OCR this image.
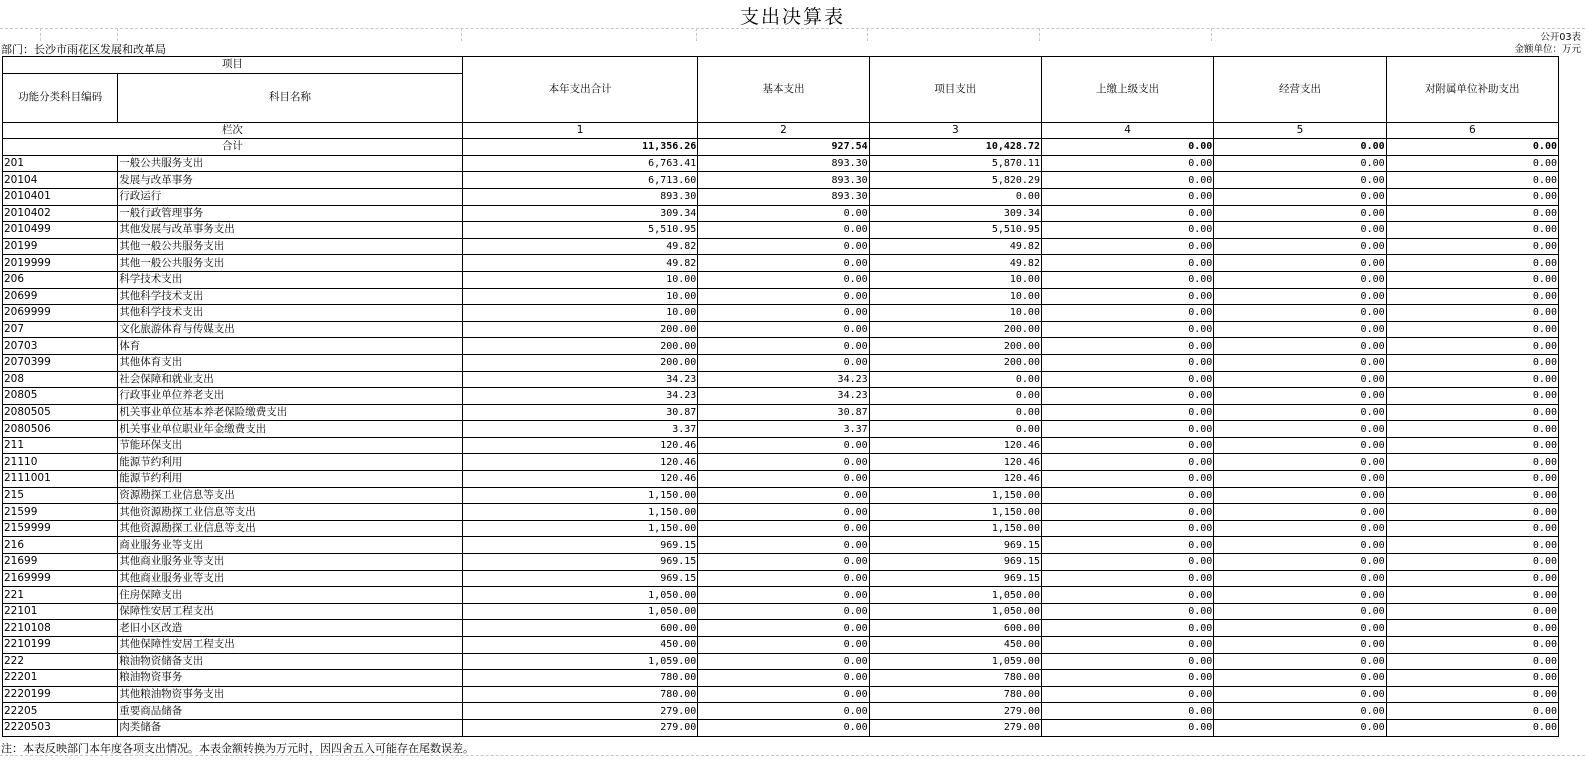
支出决算表
公开03表
部门：长沙市雨花区发展和改革局	金额单位：万元
项目		本年支出合计	基本支出	项目支出	上缴上级支出	经营支出	对附属单位补助支出
功能分类科目编码	科目名称						

栏次		1	2	3	4	5	6
合计		11,356.26	927.54	10,428.72	0.00	0.00	0.00
201	一般公共服务支出	6,763.41	893.30	5,870.11	0.00	0.00	0.00
20104	发展与改革事务	6,713.60	893.30	5,820.29	0.00	0.00	0.00
2010401	行政运行	893.30	893.30	0.00	0.00	0.00	0.00
2010402	一般行政管理事务	309.34	0.00	309.34	0.00	0.00	0.00
2010499	其他发展与改革事务支出	5,510.95	0.00	5,510.95	0.00	0.00	0.00
20199	其他一般公共服务支出	49.82	0.00	49.82	0.00	0.00	0.00
2019999	其他一般公共服务支出	49.82	0.00	49.82	0.00	0.00	0.00
206	科学技术支出	10.00	0.00	10.00	0.00	0.00	0.00
20699	其他科学技术支出	10.00	0.00	10.00	0.00	0.00	0.00
2069999	其他科学技术支出	10.00	0.00	10.00	0.00	0.00	0.00
207	文化旅游体育与传媒支出	200.00	0.00	200.00	0.00	0.00	0.00
20703	体育	200.00	0.00	200.00	0.00	0.00	0.00
2070399	其他体育支出	200.00	0.00	200.00	0.00	0.00	0.00
208	社会保障和就业支出	34.23	34.23	0.00	0.00	0.00	0.00
20805	行政事业单位养老支出	34.23	34.23	0.00	0.00	0.00	0.00
2080505	机关事业单位基本养老保险缴费支出	30.87	30.87	0.00	0.00	0.00	0.00
2080506	机关事业单位职业年金缴费支出	3.37	3.37	0.00	0.00	0.00	0.00
211	节能环保支出	120.46	0.00	120.46	0.00	0.00	0.00
21110	能源节约利用	120.46	0.00	120.46	0.00	0.00	0.00
2111001	能源节约利用	120.46	0.00	120.46	0.00	0.00	0.00
215	资源勘探工业信息等支出	1,150.00	0.00	1,150.00	0.00	0.00	0.00
21599	其他资源勘探工业信息等支出	1,150.00	0.00	1,150.00	0.00	0.00	0.00
2159999	其他资源勘探工业信息等支出	1,150.00	0.00	1,150.00	0.00	0.00	0.00
216	商业服务业等支出	969.15	0.00	969.15	0.00	0.00	0.00
21699	其他商业服务业等支出	969.15	0.00	969.15	0.00	0.00	0.00
2169999	其他商业服务业等支出	969.15	0.00	969.15	0.00	0.00	0.00
221	住房保障支出	1,050.00	0.00	1,050.00	0.00	0.00	0.00
22101	保障性安居工程支出	1,050.00	0.00	1,050.00	0.00	0.00	0.00
2210108	老旧小区改造	600.00	0.00	600.00	0.00	0.00	0.00
2210199	其他保障性安居工程支出	450.00	0.00	450.00	0.00	0.00	0.00
222	粮油物资储备支出	1,059.00	0.00	1,059.00	0.00	0.00	0.00
22201	粮油物资事务	780.00	0.00	780.00	0.00	0.00	0.00
2220199	其他粮油物资事务支出	780.00	0.00	780.00	0.00	0.00	0.00
22205	重要商品储备	279.00	0.00	279.00	0.00	0.00	0.00
2220503	肉类储备	279.00	0.00	279.00	0.00	0.00	0.00
注：本表反映部门本年度各项支出情况。本表金额转换为万元时，因四舍五入可能存在尾数误差。
